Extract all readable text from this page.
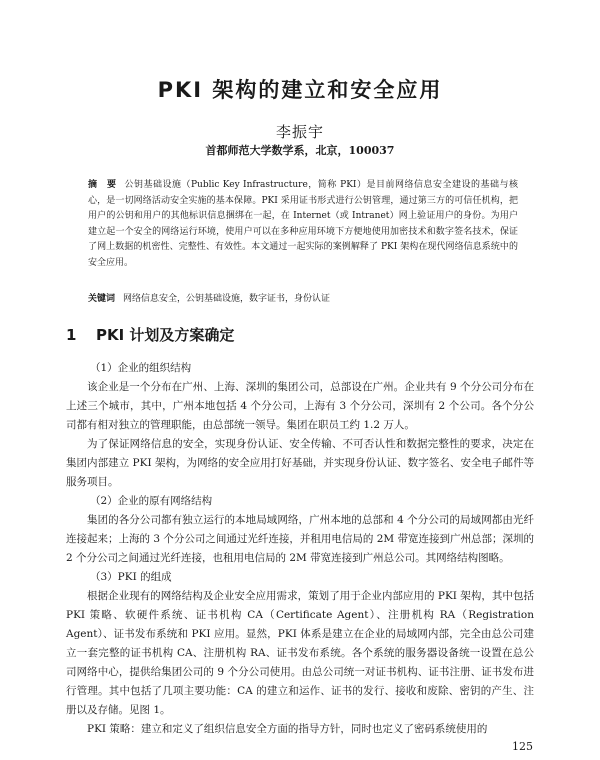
PKI 架构的建立和安全应用
李振宇
首都师范大学数学系，北京，100037
摘　要 公钥基础设施（Public Key Infrastructure，简称 PKI）是目前网络信息安全建设的基础与核心，是一切网络活动安全实施的基本保障。PKI 采用证书形式进行公钥管理，通过第三方的可信任机构，把用户的公钥和用户的其他标识信息捆绑在一起，在 Internet（或 Intranet）网上验证用户的身份。为用户建立起一个安全的网络运行环境，使用户可以在多种应用环境下方便地使用加密技术和数字签名技术，保证了网上数据的机密性、完整性、有效性。本文通过一起实际的案例解释了 PKI 架构在现代网络信息系统中的安全应用。
关键词 网络信息安全，公钥基础设施，数字证书，身份认证
1 PKI 计划及方案确定

（1）企业的组织结构

该企业是一个分布在广州、上海、深圳的集团公司，总部设在广州。企业共有 9 个分公司分布在上述三个城市，其中，广州本地包括 4 个分公司，上海有 3 个分公司，深圳有 2 个公司。各个分公司都有相对独立的管理职能，由总部统一领导。集团在职员工约 1.2 万人。

为了保证网络信息的安全，实现身份认证、安全传输、不可否认性和数据完整性的要求，决定在集团内部建立 PKI 架构，为网络的安全应用打好基础，并实现身份认证、数字签名、安全电子邮件等服务项目。

（2）企业的原有网络结构

集团的各分公司都有独立运行的本地局域网络，广州本地的总部和 4 个分公司的局域网都由光纤连接起来；上海的 3 个分公司之间通过光纤连接，并租用电信局的 2M 带宽连接到广州总部；深圳的 2 个分公司之间通过光纤连接，也租用电信局的 2M 带宽连接到广州总公司。其网络结构图略。

（3）PKI 的组成

根据企业现有的网络结构及企业安全应用需求，策划了用于企业内部应用的 PKI 架构，其中包括 PKI 策略、软硬件系统、证书机构 CA（Certificate Agent）、注册机构 RA（Registration Agent）、证书发布系统和 PKI 应用。显然，PKI 体系是建立在企业的局域网内部，完全由总公司建立一套完整的证书机构 CA、注册机构 RA、证书发布系统。各个系统的服务器设备统一设置在总公司网络中心，提供给集团公司的 9 个分公司使用。由总公司统一对证书机构、证书注册、证书发布进行管理。其中包括了几项主要功能：CA 的建立和运作、证书的发行、接收和废除、密钥的产生、注册以及存储。见图 1。

PKI 策略：建立和定义了组织信息安全方面的指导方针，同时也定义了密码系统使用的

125
